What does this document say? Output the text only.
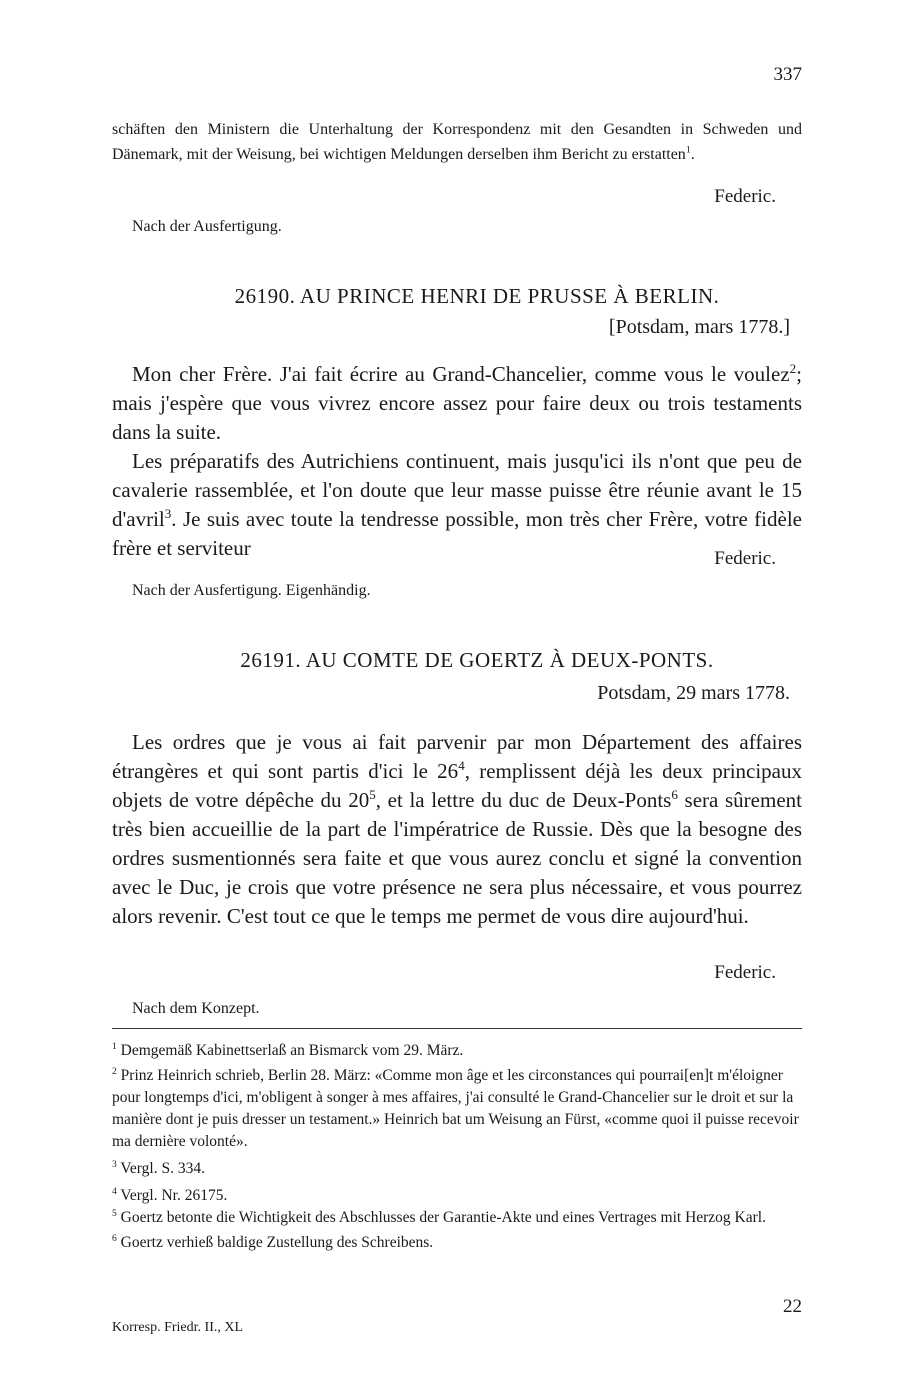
337
schäften den Ministern die Unterhaltung der Korrespondenz mit den Gesandten in Schweden und Dänemark, mit der Weisung, bei wichtigen Meldungen derselben ihm Bericht zu erstatten$^1$.
Federic.
Nach der Ausfertigung.
26190. AU PRINCE HENRI DE PRUSSE À BERLIN.
[Potsdam, mars 1778.]
Mon cher Frère. J'ai fait écrire au Grand-Chancelier, comme vous le voulez$^2$; mais j'espère que vous vivrez encore assez pour faire deux ou trois testaments dans la suite.
Les préparatifs des Autrichiens continuent, mais jusqu'ici ils n'ont que peu de cavalerie rassemblée, et l'on doute que leur masse puisse être réunie avant le 15 d'avril$^3$. Je suis avec toute la tendresse possible, mon très cher Frère, votre fidèle frère et serviteur	Federic.
Nach der Ausfertigung. Eigenhändig.
26191. AU COMTE DE GOERTZ À DEUX-PONTS.
Potsdam, 29 mars 1778.
Les ordres que je vous ai fait parvenir par mon Département des affaires étrangères et qui sont partis d'ici le $26^4$, remplissent déjà les deux principaux objets de votre dépêche du $20^5$, et la lettre du duc de Deux-Ponts$^6$ sera sûrement très bien accueillie de la part de l'impératrice de Russie. Dès que la besogne des ordres susmentionnés sera faite et que vous aurez conclu et signé la convention avec le Duc, je crois que votre présence ne sera plus nécessaire, et vous pourrez alors revenir. C'est tout ce que le temps me permet de vous dire aujourd'hui.
Federic.
Nach dem Konzept.

$^1$ Demgemäß Kabinettserlaß an Bismarck vom 29. März.

$^2$ Prinz Heinrich schrieb, Berlin 28. März: «Comme mon âge et les circonstances qui pourrai[en]t m'éloigner pour longtemps d'ici, m'obligent à songer à mes affaires, j'ai consulté le Grand-Chancelier sur le droit et sur la manière dont je puis dresser un testament.» Heinrich bat um Weisung an Fürst, «comme quoi il puisse recevoir ma dernière volonté».

$^3$ Vergl. S. 334.

$^4$ Vergl. Nr. 26175.

$^5$ Goertz betonte die Wichtigkeit des Abschlusses der Garantie-Akte und eines Vertrages mit Herzog Karl.

$^6$ Goertz verhieß baldige Zustellung des Schreibens.

22
Korresp. Friedr. II., XL
